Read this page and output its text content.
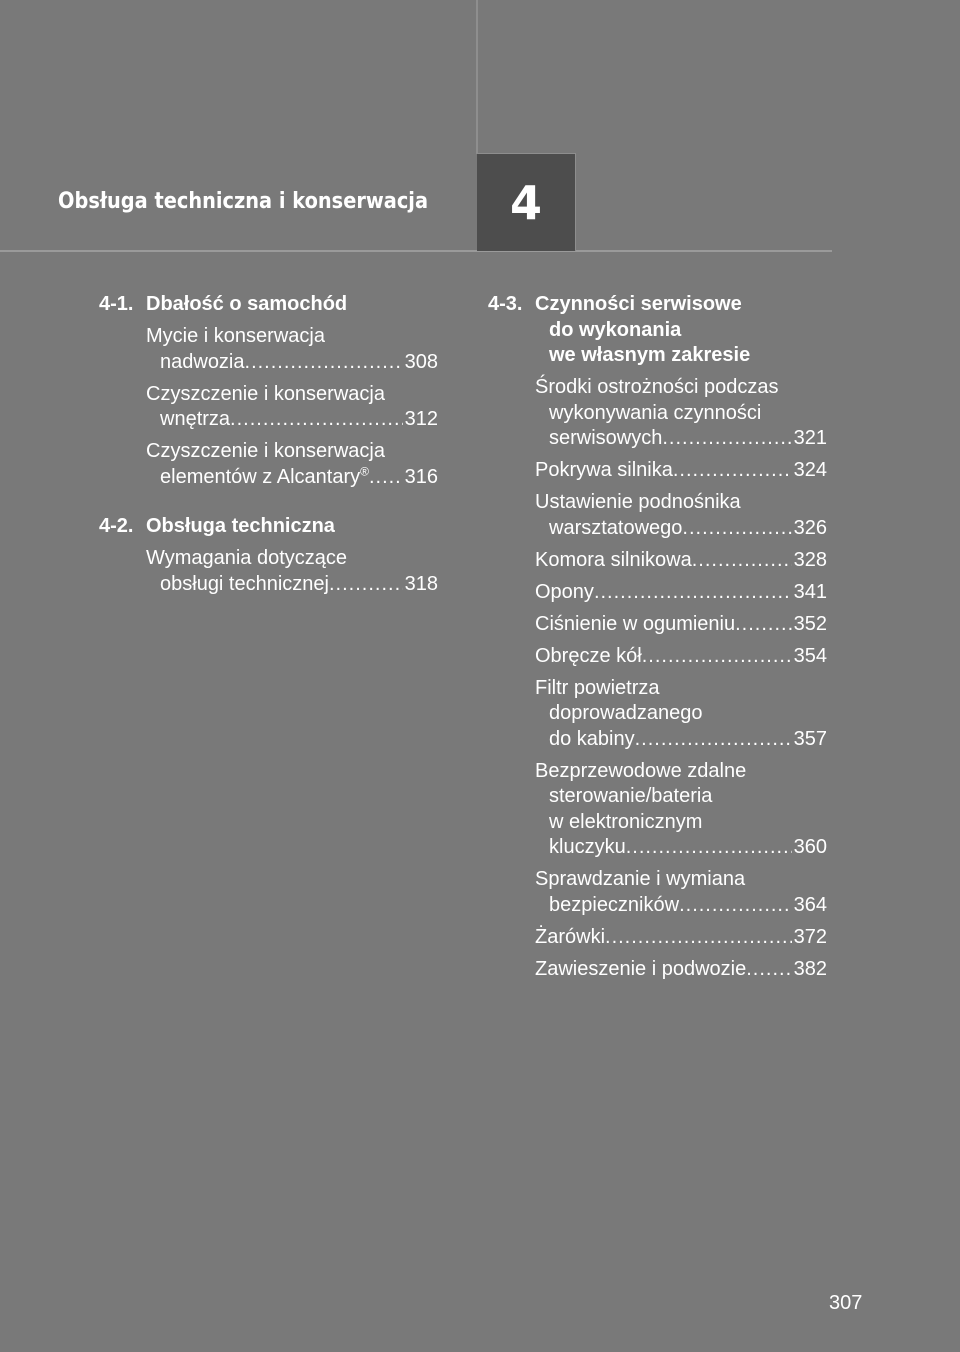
Obsługa techniczna i konserwacja 4
4-1. Dbałość o samochód
Mycie i konserwacja
nadwozia .....	308
Czyszczenie i konserwacja
wnętrza .....	312
Czyszczenie i konserwacja
elementów z Alcantary® ..... 316
4-2. Obsługa techniczna
Wymagania dotyczące
obsługi technicznej .....	318
4-3. Czynności serwisowe
do wykonania
we własnym zakresie
Środki ostrożności podczas
wykonywania czynności
serwisowych .....	321
Pokrywa silnika .....	324
Ustawienie podnośnika
warsztatowego .....	326
Komora silnikowa .....	328
Opony .....	341
Ciśnienie w ogumieniu .....	352
Obręcze kół .....	354
Filtr powietrza
doprowadzanego
do kabiny .....	357
Bezprzewodowe zdalne
sterowanie/bateria
w elektronicznym
kluczyku .....	360
Sprawdzanie i wymiana
bezpieczników .....	364
Żarówki .....	372
Zawieszenie i podwozie ..... 382
307
